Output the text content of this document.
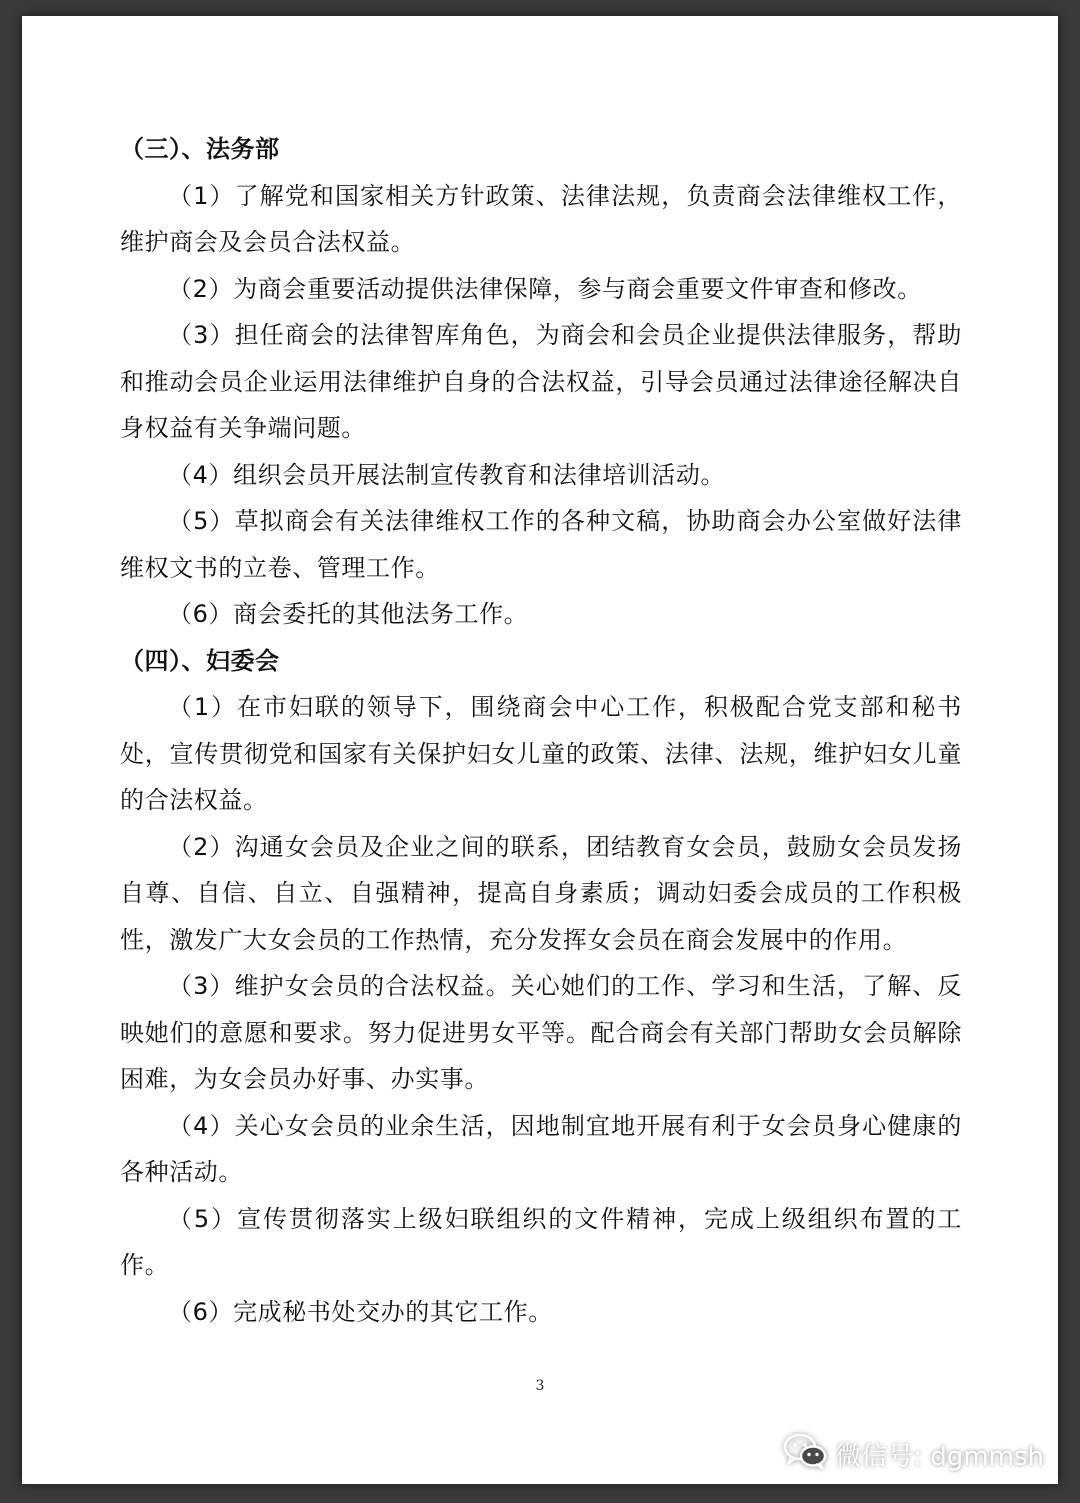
（三）、法务部

（1）了解党和国家相关方针政策、法律法规，负责商会法律维权工作，维护商会及会员合法权益。

（2）为商会重要活动提供法律保障，参与商会重要文件审查和修改。

（3）担任商会的法律智库角色，为商会和会员企业提供法律服务，帮助和推动会员企业运用法律维护自身的合法权益，引导会员通过法律途径解决自身权益有关争端问题。

（4）组织会员开展法制宣传教育和法律培训活动。

（5）草拟商会有关法律维权工作的各种文稿，协助商会办公室做好法律维权文书的立卷、管理工作。

（6）商会委托的其他法务工作。

（四）、妇委会

（1）在市妇联的领导下，围绕商会中心工作，积极配合党支部和秘书处，宣传贯彻党和国家有关保护妇女儿童的政策、法律、法规，维护妇女儿童的合法权益。

（2）沟通女会员及企业之间的联系，团结教育女会员，鼓励女会员发扬自尊、自信、自立、自强精神，提高自身素质；调动妇委会成员的工作积极性，激发广大女会员的工作热情，充分发挥女会员在商会发展中的作用。

（3）维护女会员的合法权益。关心她们的工作、学习和生活，了解、反映她们的意愿和要求。努力促进男女平等。配合商会有关部门帮助女会员解除困难，为女会员办好事、办实事。

（4）关心女会员的业余生活，因地制宜地开展有利于女会员身心健康的各种活动。

（5）宣传贯彻落实上级妇联组织的文件精神，完成上级组织布置的工作。

（6）完成秘书处交办的其它工作。

3
微信号: dgmmsh
